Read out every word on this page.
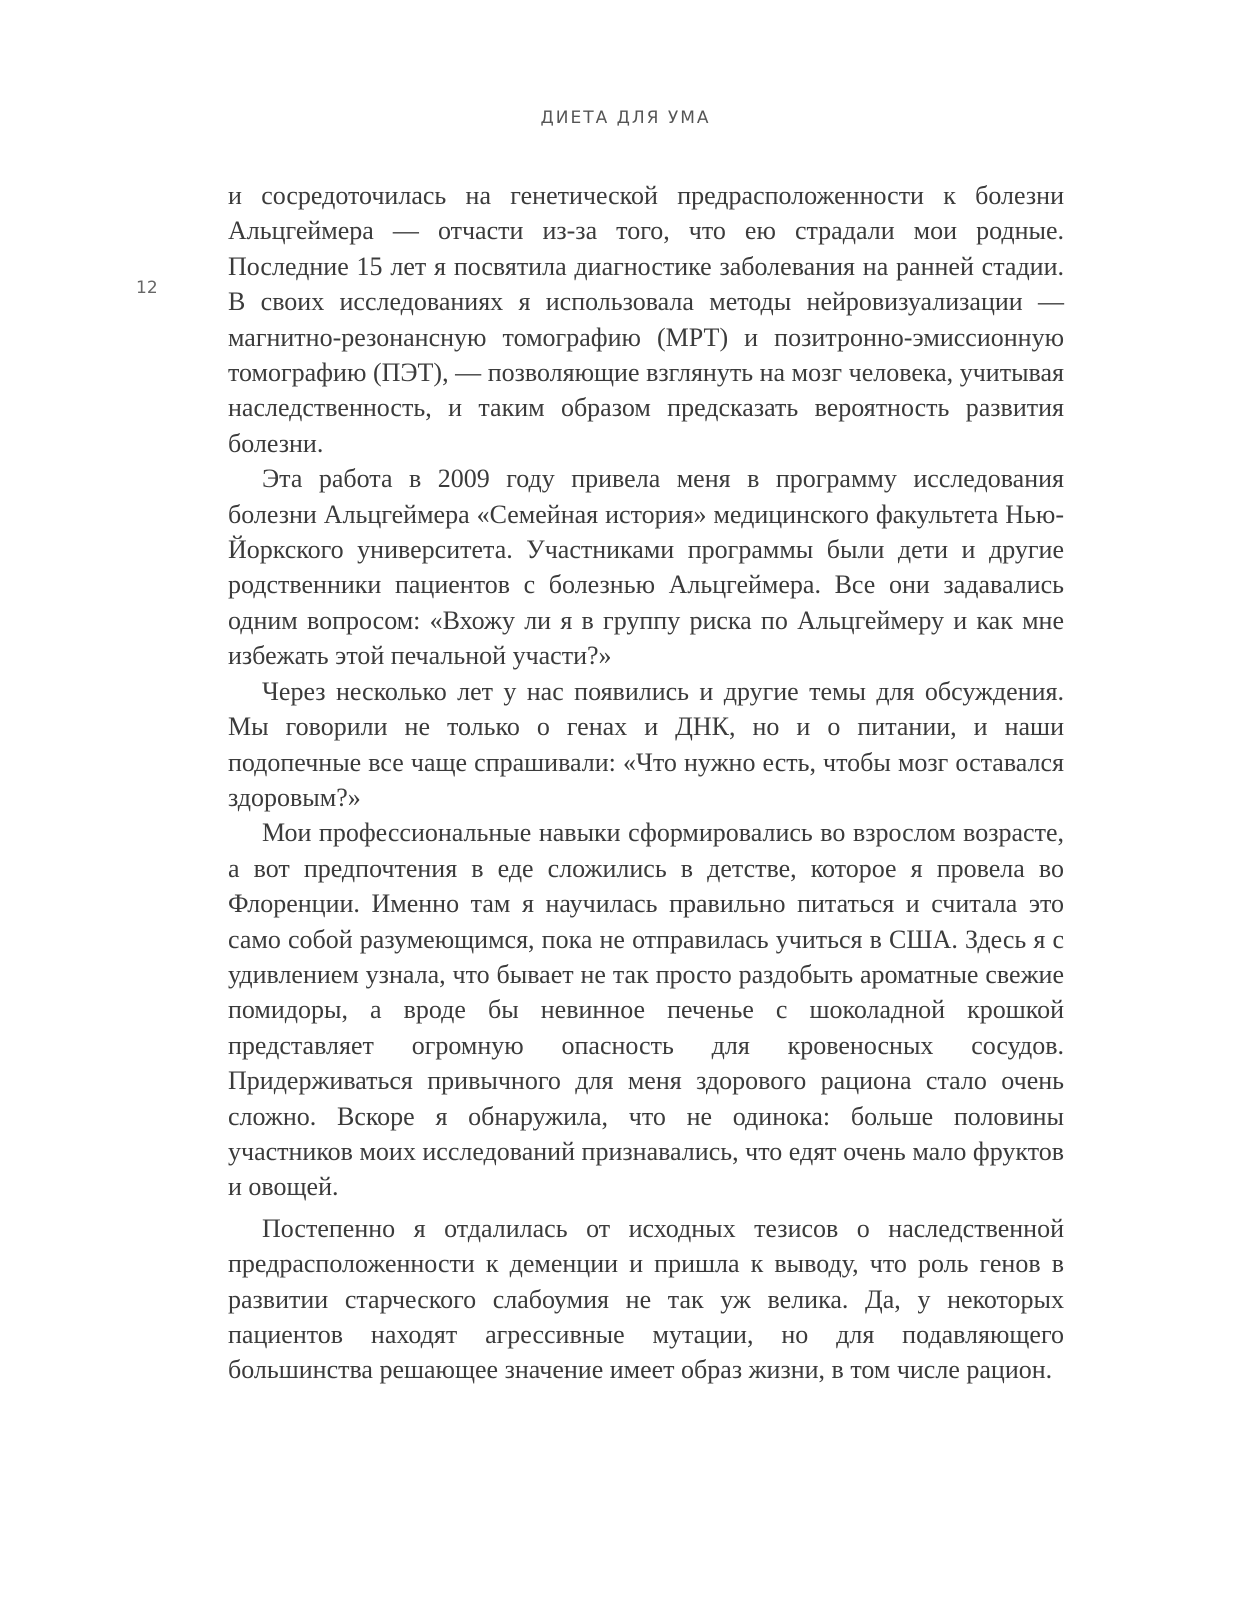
ДИЕТА ДЛЯ УМА
12

и сосредоточилась на генетической предрасположенности к болезни Альцгеймера — отчасти из-за того, что ею страдали мои родные. Последние 15 лет я посвятила диагностике заболевания на ранней стадии. В своих исследованиях я использовала методы нейровизуализации — магнитно-резонансную томографию (МРТ) и позитронно-эмиссионную томографию (ПЭТ), — позволяющие взглянуть на мозг человека, учитывая наследственность, и таким образом предсказать вероятность развития болезни.

Эта работа в 2009 году привела меня в программу исследования болезни Альцгеймера «Семейная история» медицинского факультета Нью-Йоркского университета. Участниками программы были дети и другие родственники пациентов с болезнью Альцгеймера. Все они задавались одним вопросом: «Вхожу ли я в группу риска по Альцгеймеру и как мне избежать этой печальной участи?»

Через несколько лет у нас появились и другие темы для обсуждения. Мы говорили не только о генах и ДНК, но и о питании, и наши подопечные все чаще спрашивали: «Что нужно есть, чтобы мозг оставался здоровым?»

Мои профессиональные навыки сформировались во взрослом возрасте, а вот предпочтения в еде сложились в детстве, которое я провела во Флоренции. Именно там я научилась правильно питаться и считала это само собой разумеющимся, пока не отправилась учиться в США. Здесь я с удивлением узнала, что бывает не так просто раздобыть ароматные свежие помидоры, а вроде бы невинное печенье с шоколадной крошкой представляет огромную опасность для кровеносных сосудов. Придерживаться привычного для меня здорового рациона стало очень сложно. Вскоре я обнаружила, что не одинока: больше половины участников моих исследований признавались, что едят очень мало фруктов и овощей.

Постепенно я отдалилась от исходных тезисов о наследственной предрасположенности к деменции и пришла к выводу, что роль генов в развитии старческого слабоумия не так уж велика. Да, у некоторых пациентов находят агрессивные мутации, но для подавляющего большинства решающее значение имеет образ жизни, в том числе рацион.
